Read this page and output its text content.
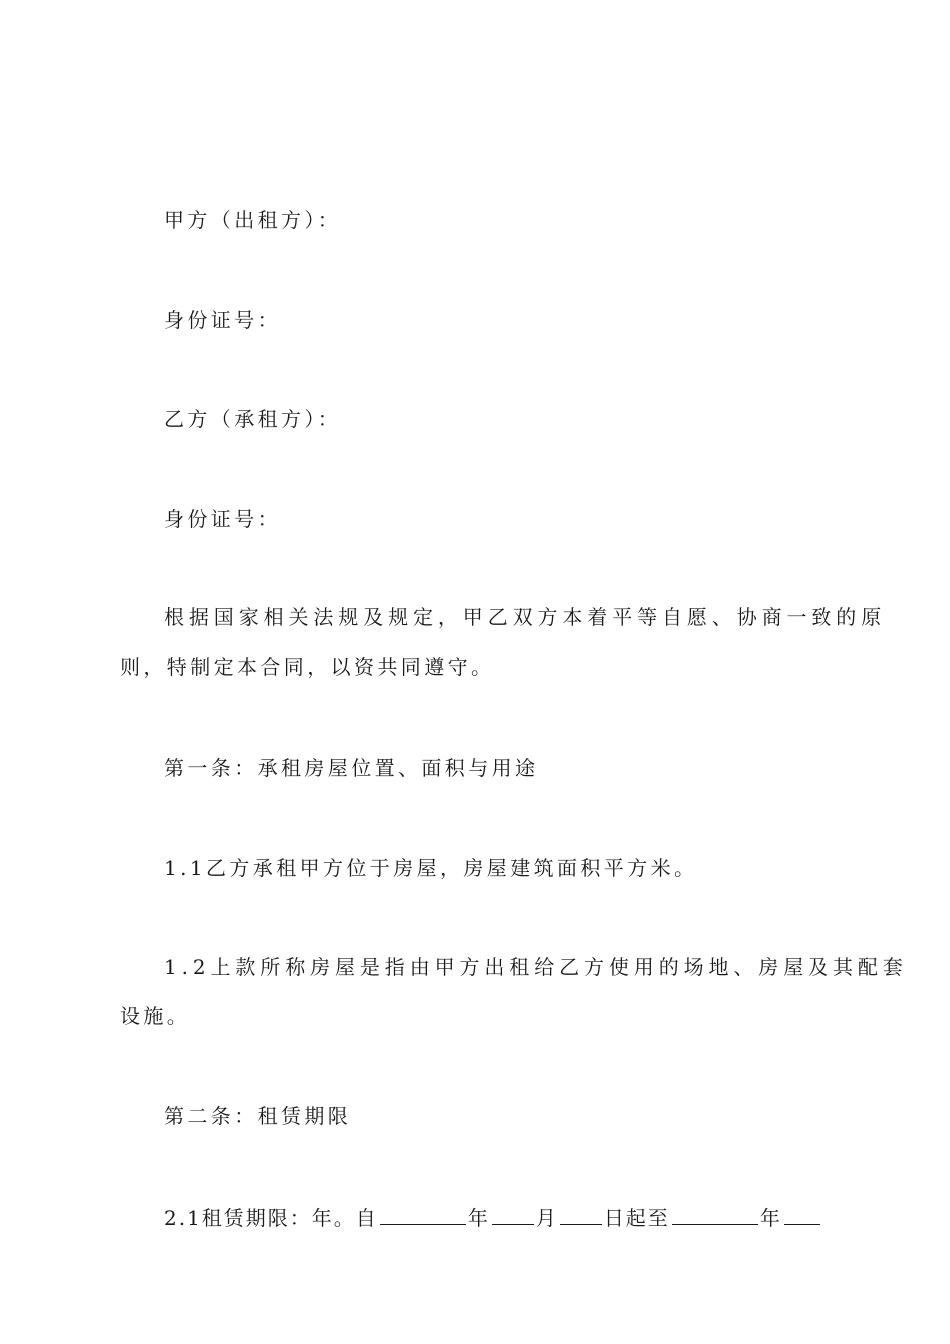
甲方（出租方）：
身份证号：
乙方（承租方）：
身份证号：
根据国家相关法规及规定，甲乙双方本着平等自愿、协商一致的原
则，特制定本合同，以资共同遵守。
第一条：承租房屋位置、面积与用途
1.1乙方承租甲方位于房屋，房屋建筑面积平方米。
1.2上款所称房屋是指由甲方出租给乙方使用的场地、房屋及其配套
设施。
第二条：租赁期限
2.1租赁期限：年。自	年 月 日起至	年
